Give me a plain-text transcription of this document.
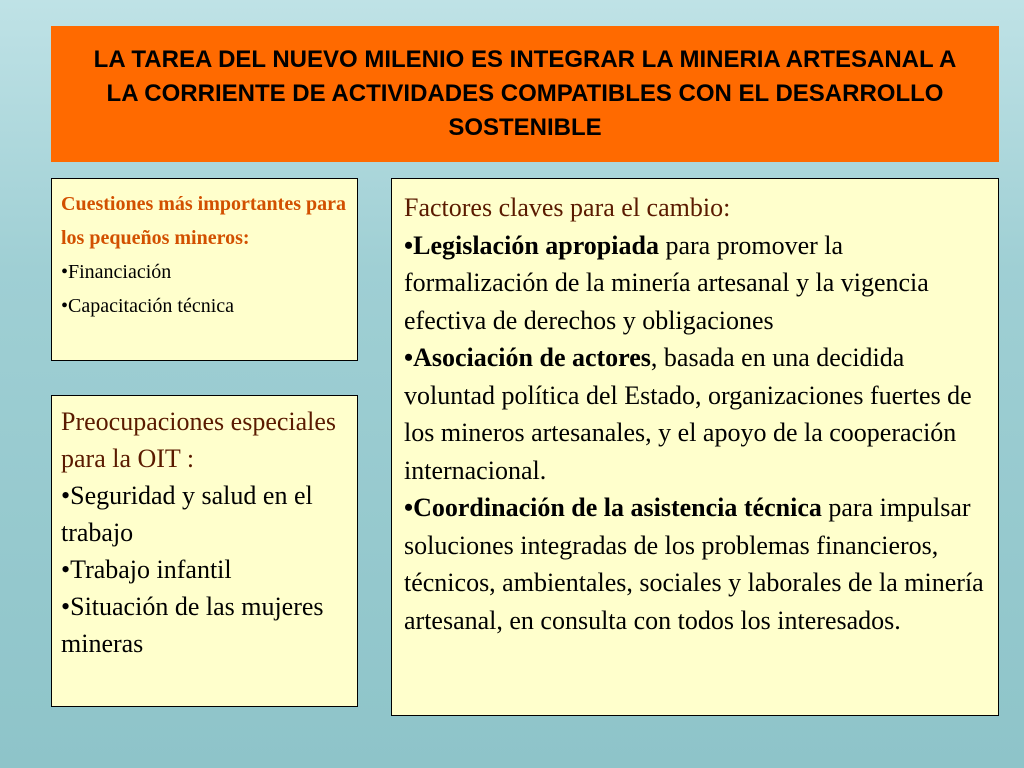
LA TAREA DEL NUEVO MILENIO ES INTEGRAR LA MINERIA ARTESANAL A LA CORRIENTE DE ACTIVIDADES COMPATIBLES CON EL DESARROLLO SOSTENIBLE
Cuestiones más importantes para los pequeños mineros:
•Financiación
•Capacitación técnica
Preocupaciones especiales para la OIT :
•Seguridad y salud en el trabajo
•Trabajo infantil
•Situación de las mujeres mineras
Factores claves para el cambio:
•Legislación apropiada para promover la formalización de la minería artesanal y la vigencia efectiva de derechos y obligaciones
•Asociación de actores, basada en una decidida voluntad política del Estado, organizaciones fuertes de los mineros artesanales, y el apoyo de la cooperación internacional.
•Coordinación de la asistencia técnica para impulsar soluciones integradas de los problemas financieros, técnicos, ambientales, sociales y laborales de la minería artesanal, en consulta con todos los interesados.
